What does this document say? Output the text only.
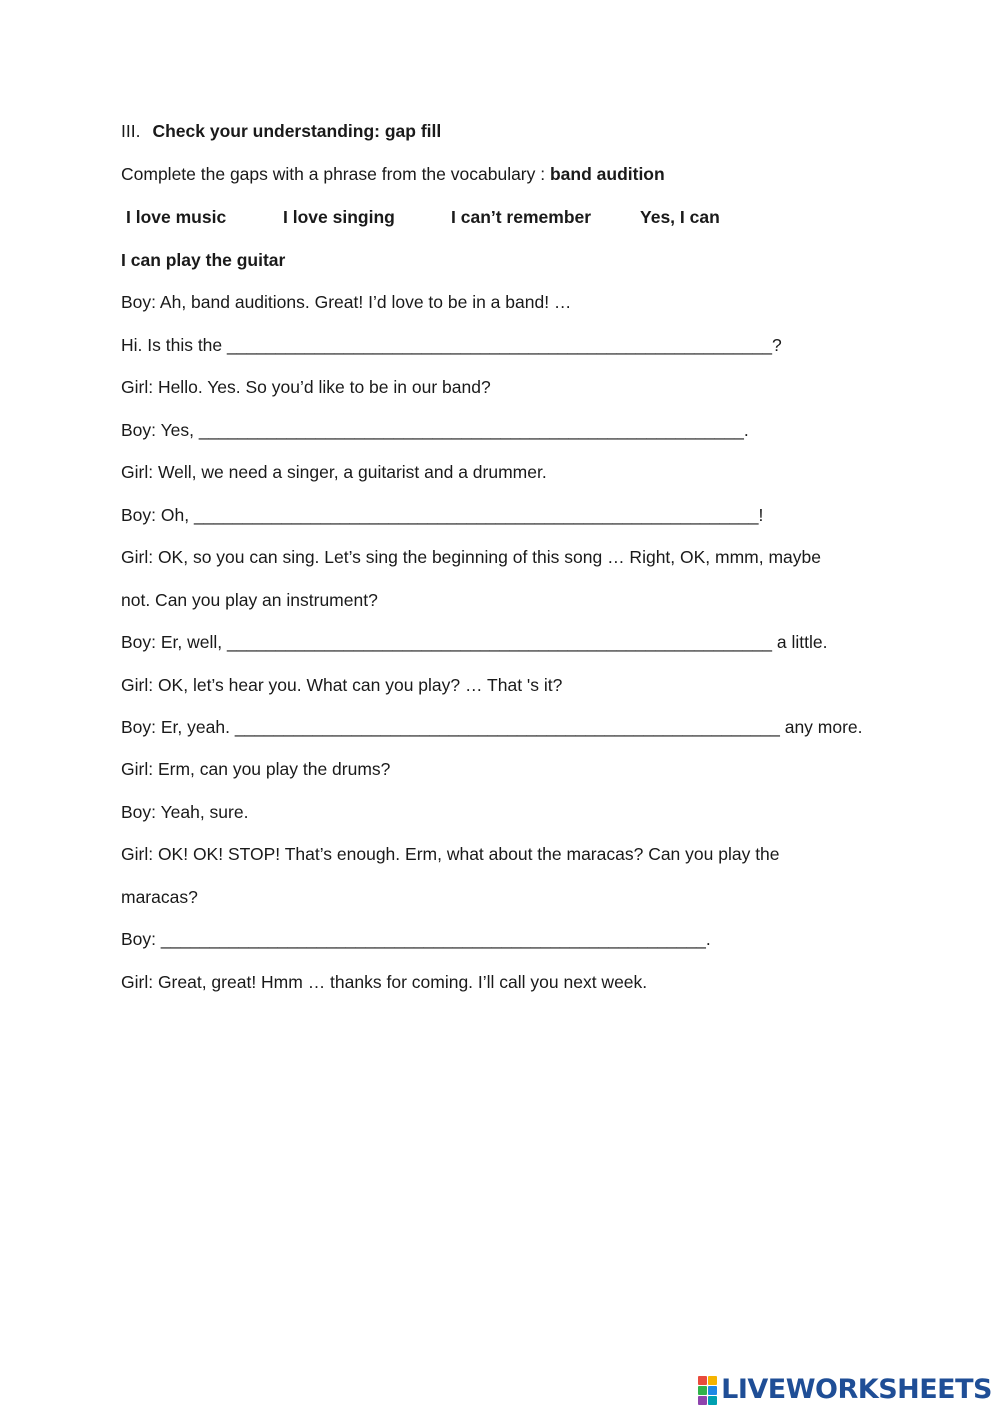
III. Check your understanding: gap fill
Complete the gaps with a phrase from the vocabulary : band audition
I love music	I love singing	I can’t remember	Yes, I can
I can play the guitar
Boy: Ah, band auditions. Great! I’d love to be in a band! …
Hi. Is this the ________________________________________________________?
Girl: Hello. Yes. So you’d like to be in our band?
Boy: Yes, ________________________________________________________.
Girl: Well, we need a singer, a guitarist and a drummer.
Boy: Oh, __________________________________________________________!
Girl: OK, so you can sing. Let’s sing the beginning of this song … Right, OK, mmm, maybe
not. Can you play an instrument?
Boy: Er, well, ________________________________________________________ a little.
Girl: OK, let’s hear you. What can you play? … That 's it?
Boy: Er, yeah. ________________________________________________________ any more.
Girl: Erm, can you play the drums?
Boy: Yeah, sure.
Girl: OK! OK! STOP! That’s enough. Erm, what about the maracas? Can you play the
maracas?
Boy: ________________________________________________________.
Girl: Great, great! Hmm … thanks for coming. I’ll call you next week.
LIVEWORKSHEETS
